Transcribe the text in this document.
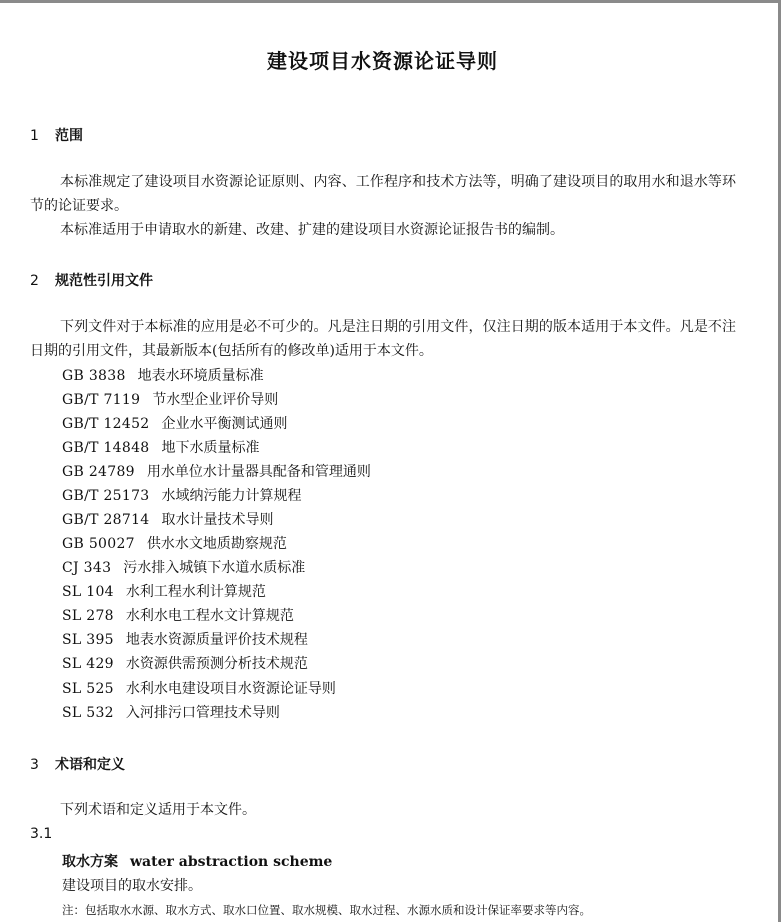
建设项目水资源论证导则
1 范围
本标准规定了建设项目水资源论证原则、内容、工作程序和技术方法等，明确了建设项目的取用水和退水等环节的论证要求。
本标准适用于申请取水的新建、改建、扩建的建设项目水资源论证报告书的编制。
2 规范性引用文件
下列文件对于本标准的应用是必不可少的。凡是注日期的引用文件，仅注日期的版本适用于本文件。凡是不注日期的引用文件，其最新版本(包括所有的修改单)适用于本文件。
GB 3838 地表水环境质量标准
GB/T 7119 节水型企业评价导则
GB/T 12452 企业水平衡测试通则
GB/T 14848 地下水质量标准
GB 24789 用水单位水计量器具配备和管理通则
GB/T 25173 水域纳污能力计算规程
GB/T 28714 取水计量技术导则
GB 50027 供水水文地质勘察规范
CJ 343 污水排入城镇下水道水质标准
SL 104 水利工程水利计算规范
SL 278 水利水电工程水文计算规范
SL 395 地表水资源质量评价技术规程
SL 429 水资源供需预测分析技术规范
SL 525 水利水电建设项目水资源论证导则
SL 532 入河排污口管理技术导则
3 术语和定义
下列术语和定义适用于本文件。
3.1
取水方案 water abstraction scheme
建设项目的取水安排。
注：包括取水水源、取水方式、取水口位置、取水规模、取水过程、水源水质和设计保证率要求等内容。
